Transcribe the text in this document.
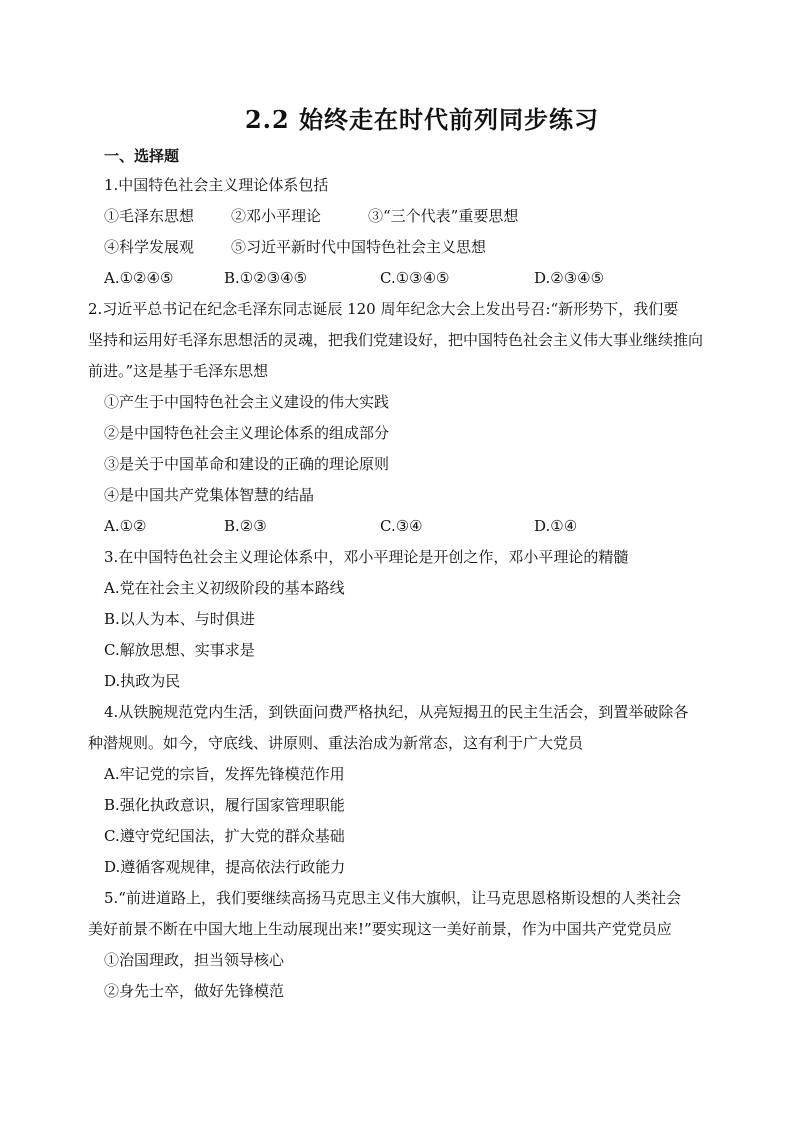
2.2 始终走在时代前列同步练习
一、选择题
1.中国特色社会主义理论体系包括
①毛泽东思想 ②邓小平理论	③“三个代表”重要思想
④科学发展观 ⑤习近平新时代中国特色社会主义思想
A.①②④⑤	B.①②③④⑤	C.①③④⑤	D.②③④⑤
2.习近平总书记在纪念毛泽东同志诞辰 120 周年纪念大会上发出号召:“新形势下，我们要
坚持和运用好毛泽东思想活的灵魂，把我们党建设好，把中国特色社会主义伟大事业继续推向
前进。”这是基于毛泽东思想
①产生于中国特色社会主义建设的伟大实践
②是中国特色社会主义理论体系的组成部分
③是关于中国革命和建设的正确的理论原则
④是中国共产党集体智慧的结晶
A.①②	B.②③	C.③④	D.①④
3.在中国特色社会主义理论体系中，邓小平理论是开创之作，邓小平理论的精髓
A.党在社会主义初级阶段的基本路线
B.以人为本、与时俱进
C.解放思想、实事求是
D.执政为民
4.从铁腕规范党内生活，到铁面问费严格执纪，从亮短揭丑的民主生活会，到置举破除各
种潜规则。如今，守底线、讲原则、重法治成为新常态，这有利于广大党员
A.牢记党的宗旨，发挥先锋模范作用
B.强化执政意识，履行国家管理职能
C.遵守党纪国法，扩大党的群众基础
D.遵循客观规律，提高依法行政能力
5.“前进道路上，我们要继续高扬马克思主义伟大旗帜，让马克思恩格斯设想的人类社会
美好前景不断在中国大地上生动展现出来!”要实现这一美好前景，作为中国共产党党员应
①治国理政，担当领导核心
②身先士卒，做好先锋模范
